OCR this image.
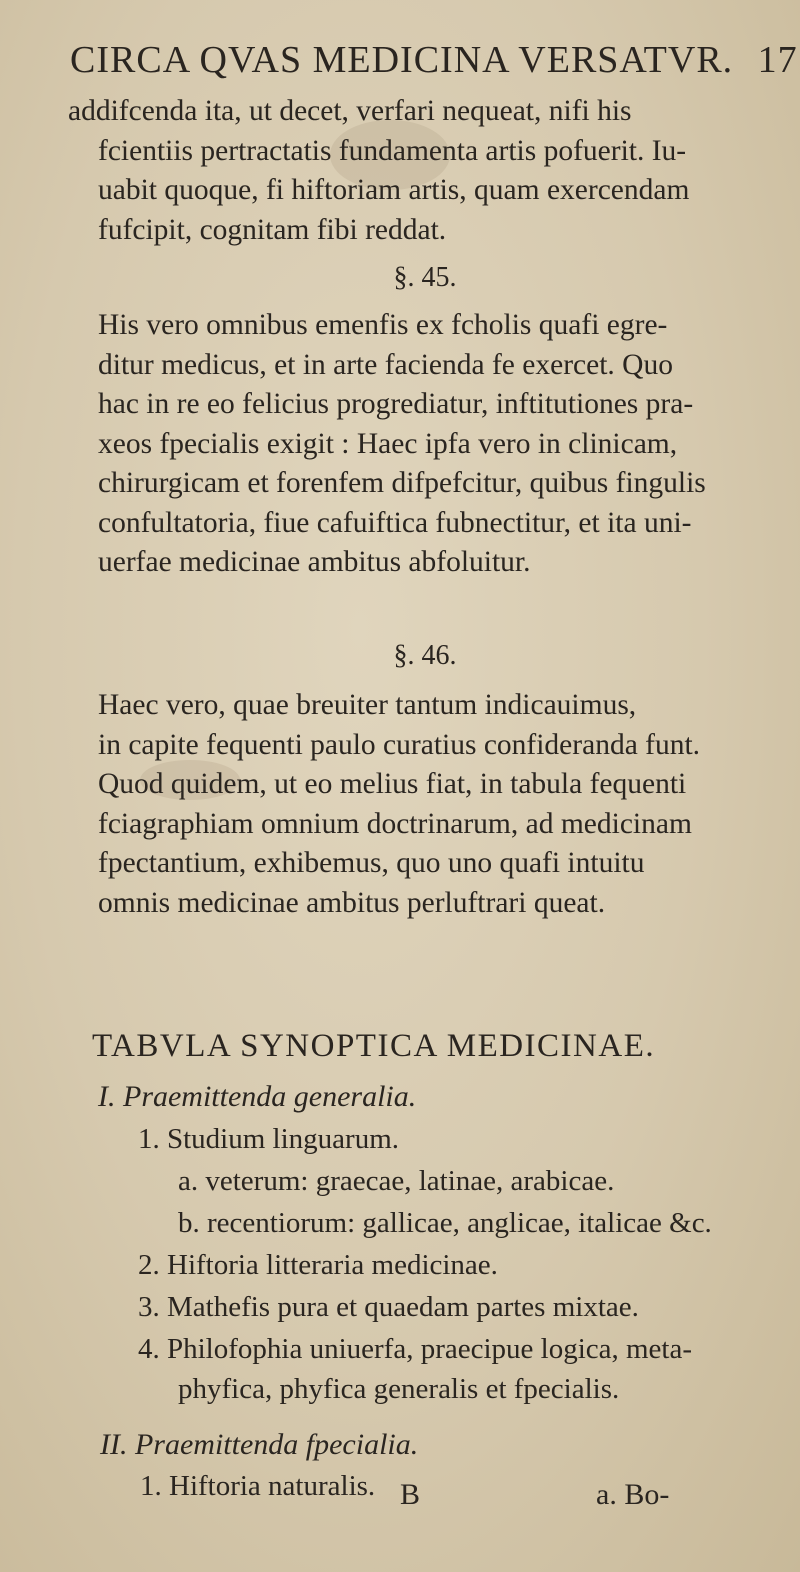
CIRCA QVAS MEDICINA VERSATVR. 17
addifcenda ita, ut decet, verfari nequeat, nifi his
fcientiis pertractatis fundamenta artis pofuerit. Iu-
uabit quoque, fi hiftoriam artis, quam exercendam
fufcipit, cognitam fibi reddat.
§. 45.
His vero omnibus emenfis ex fcholis quafi egre-
ditur medicus, et in arte facienda fe exercet. Quo
hac in re eo felicius progrediatur, inftitutiones pra-
xeos fpecialis exigit : Haec ipfa vero in clinicam,
chirurgicam et forenfem difpefcitur, quibus fingulis
confultatoria, fiue cafuiftica fubnectitur, et ita uni-
uerfae medicinae ambitus abfoluitur.
§. 46.
Haec vero, quae breuiter tantum indicauimus,
in capite fequenti paulo curatius confideranda funt.
Quod quidem, ut eo melius fiat, in tabula fequenti
fciagraphiam omnium doctrinarum, ad medicinam
fpectantium, exhibemus, quo uno quafi intuitu
omnis medicinae ambitus perluftrari queat.
TABVLA SYNOPTICA MEDICINAE.
I. Praemittenda generalia.
1. Studium linguarum.
a. veterum: graecae, latinae, arabicae.
b. recentiorum: gallicae, anglicae, italicae &c.
2. Hiftoria litteraria medicinae.
3. Mathefis pura et quaedam partes mixtae.
4. Philofophia uniuerfa, praecipue logica, meta-
phyfica, phyfica generalis et fpecialis.
II. Praemittenda fpecialia.
1. Hiftoria naturalis. B	a. Bo-
